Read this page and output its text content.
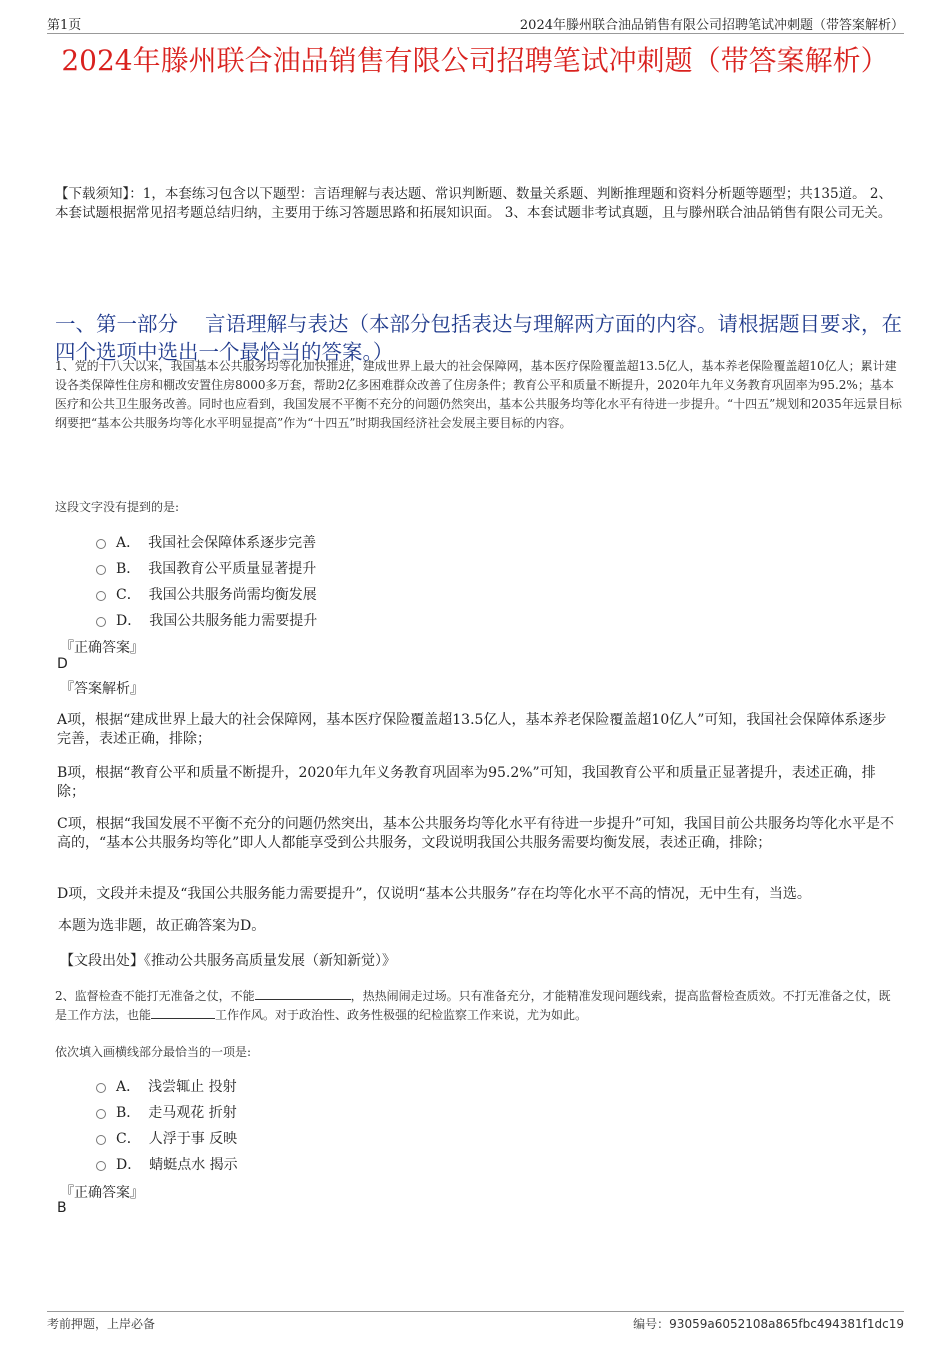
第1页	2024年滕州联合油品销售有限公司招聘笔试冲刺题（带答案解析）
2024年滕州联合油品销售有限公司招聘笔试冲刺题（带答案解析）
【下载须知】：1，本套练习包含以下题型：言语理解与表达题、常识判断题、数量关系题、判断推理题和资料分析题等题型；共135道。 2、本套试题根据常见招考题总结归纳，主要用于练习答题思路和拓展知识面。 3、本套试题非考试真题，且与滕州联合油品销售有限公司无关。
一、第一部分　 言语理解与表达（本部分包括表达与理解两方面的内容。请根据题目要求，在四个选项中选出一个最恰当的答案。）
1、党的十八大以来，我国基本公共服务均等化加快推进，建成世界上最大的社会保障网，基本医疗保险覆盖超13.5亿人，基本养老保险覆盖超10亿人；累计建设各类保障性住房和棚改安置住房8000多万套，帮助2亿多困难群众改善了住房条件；教育公平和质量不断提升，2020年九年义务教育巩固率为95.2%；基本医疗和公共卫生服务改善。同时也应看到，我国发展不平衡不充分的问题仍然突出，基本公共服务均等化水平有待进一步提升。“十四五”规划和2035年远景目标纲要把“基本公共服务均等化水平明显提高”作为“十四五”时期我国经济社会发展主要目标的内容。
这段文字没有提到的是:
A． 我国社会保障体系逐步完善
B． 我国教育公平质量显著提升
C． 我国公共服务尚需均衡发展
D． 我国公共服务能力需要提升
『正确答案』
D
『答案解析』
A项，根据“建成世界上最大的社会保障网，基本医疗保险覆盖超13.5亿人，基本养老保险覆盖超10亿人”可知，我国社会保障体系逐步完善，表述正确，排除；
B项，根据“教育公平和质量不断提升，2020年九年义务教育巩固率为95.2%”可知，我国教育公平和质量正显著提升，表述正确，排除；
C项，根据“我国发展不平衡不充分的问题仍然突出，基本公共服务均等化水平有待进一步提升”可知，我国目前公共服务均等化水平是不高的，“基本公共服务均等化”即人人都能享受到公共服务，文段说明我国公共服务需要均衡发展，表述正确，排除；
D项，文段并未提及“我国公共服务能力需要提升”，仅说明“基本公共服务”存在均等化水平不高的情况，无中生有，当选。
本题为选非题，故正确答案为D。
【文段出处】《推动公共服务高质量发展（新知新觉）》
2、监督检查不能打无准备之仗，不能	，热热闹闹走过场。只有准备充分，才能精准发现问题线索，提高监督检查质效。不打无准备之仗，既是工作方法，也能	工作作风。对于政治性、政务性极强的纪检监察工作来说，尤为如此。
依次填入画横线部分最恰当的一项是:
A． 浅尝辄止 投射
B． 走马观花 折射
C． 人浮于事 反映
D． 蜻蜓点水 揭示
『正确答案』
B
考前押题，上岸必备	编号：93059a6052108a865fbc494381f1dc19
